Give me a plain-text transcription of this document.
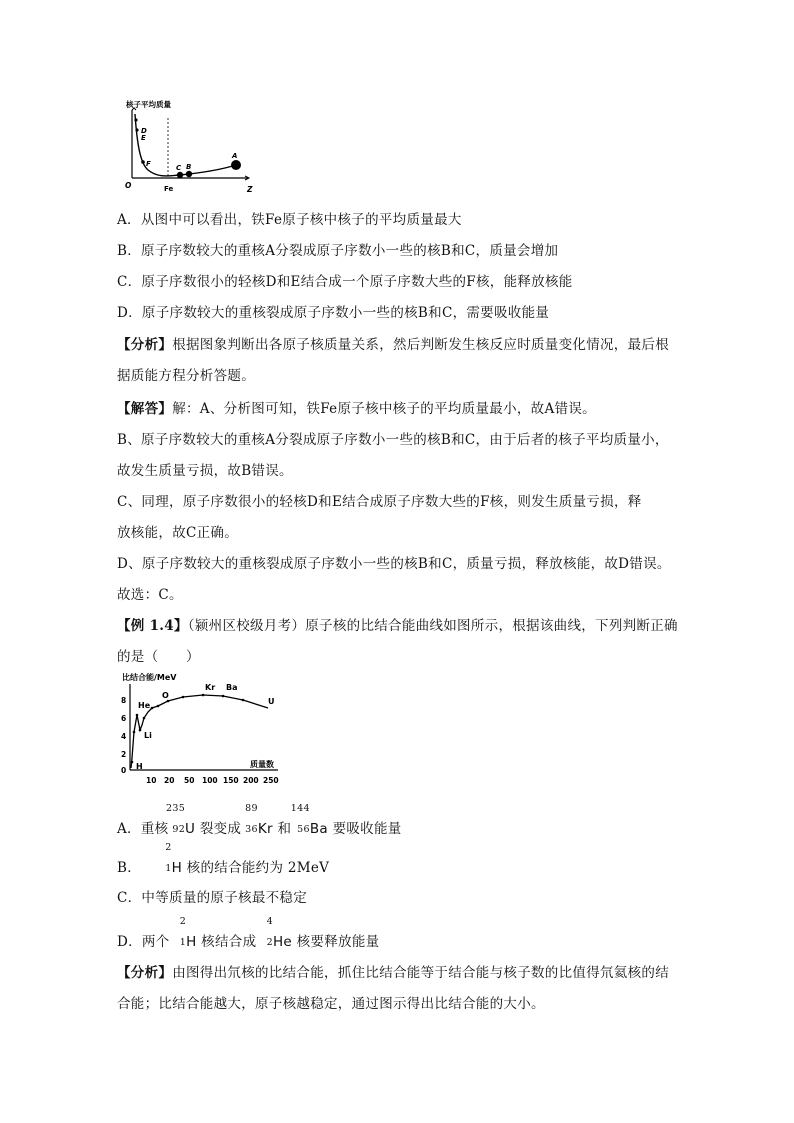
核子平均质量
D
E
F	C B
A
O	Fe	Z
A．从图中可以看出，铁Fe原子核中核子的平均质量最大
B．原子序数较大的重核A分裂成原子序数小一些的核B和C，质量会增加
C．原子序数很小的轻核D和E结合成一个原子序数大些的F核，能释放核能
D．原子序数较大的重核裂成原子序数小一些的核B和C，需要吸收能量
【分析】根据图象判断出各原子核质量关系，然后判断发生核反应时质量变化情况，最后根
据质能方程分析答题。
【解答】解：A、分析图可知，铁Fe原子核中核子的平均质量最小，故A错误。
B、原子序数较大的重核A分裂成原子序数小一些的核B和C，由于后者的核子平均质量小，
故发生质量亏损，故B错误。
C、同理，原子序数很小的轻核D和E结合成原子序数大些的F核，则发生质量亏损，释
放核能，故C正确。
D、原子序数较大的重核裂成原子序数小一些的核B和C，质量亏损，释放核能，故D错误。
故选：C。
【例 1.4】（颍州区校级月考）原子核的比结合能曲线如图所示，根据该曲线，下列判断正确
的是（　　）
比结合能/MeV
8
6
4
2
0
10 20 50 100 150 200 250
质量数
He
Li
H
O
Kr Ba
U
A．重核
235
92 U 裂变成
89
36 Kr 和
144
56 Ba 要吸收能量
B．
2
1 H 核的结合能约为 2MeV
C．中等质量的原子核最不稳定
D．两个
2
1 H 核结合成
4
2 He 核要释放能量
【分析】由图得出氘核的比结合能，抓住比结合能等于结合能与核子数的比值得氘氦核的结
合能；比结合能越大，原子核越稳定，通过图示得出比结合能的大小。
